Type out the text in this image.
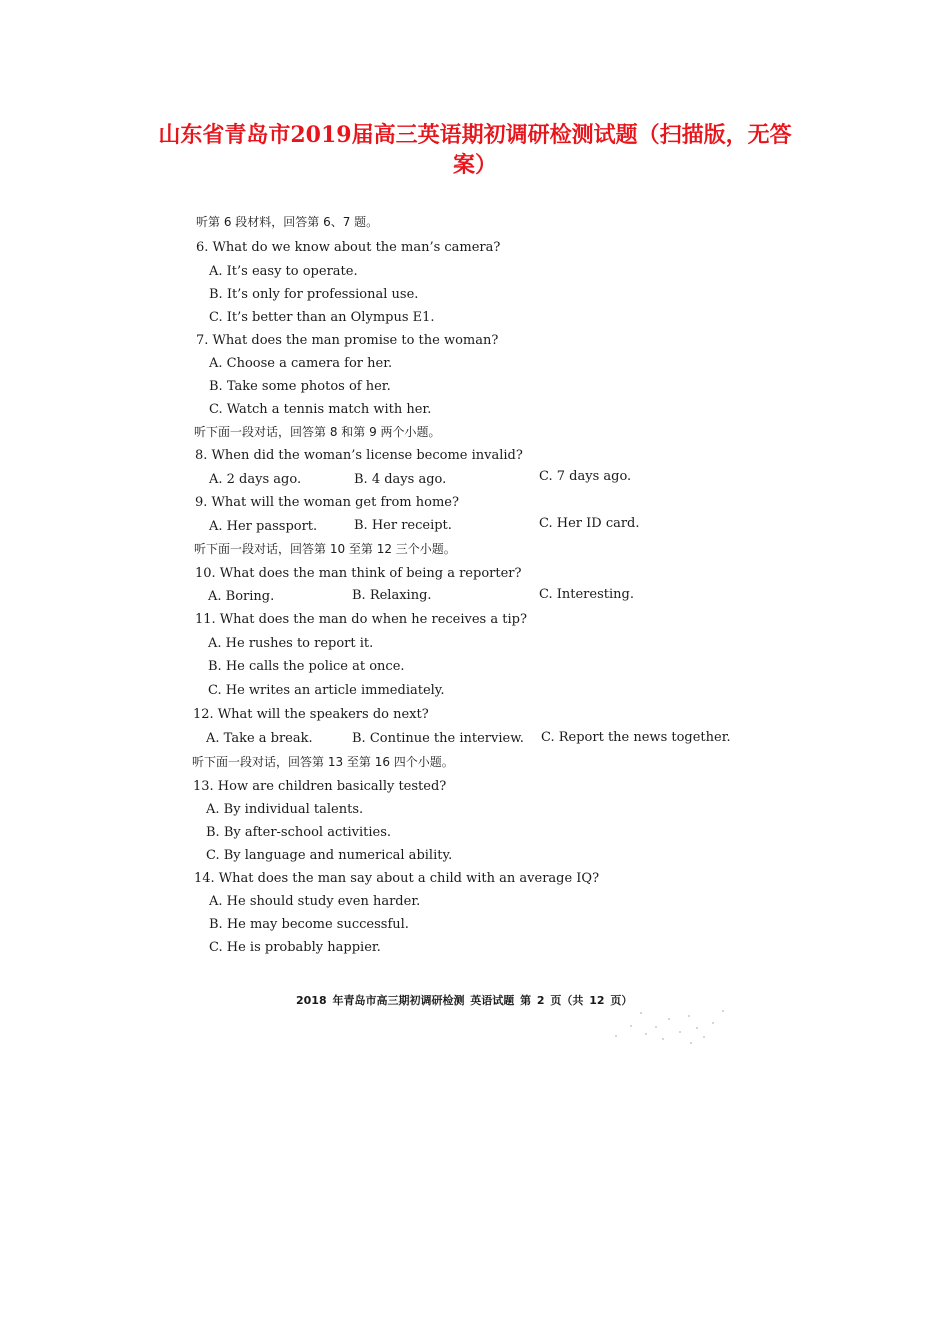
山东省青岛市2019届高三英语期初调研检测试题（扫描版，无答
案）
听第 6 段材料，回答第 6、7 题。
6. What do we know about the man’s camera?
A. It’s easy to operate.
B. It’s only for professional use.
C. It’s better than an Olympus E1.
7. What does the man promise to the woman?
A. Choose a camera for her.
B. Take some photos of her.
C. Watch a tennis match with her.
听下面一段对话，回答第 8 和第 9 两个小题。
8. When did the woman’s license become invalid?
A. 2 days ago.	B. 4 days ago.	C. 7 days ago.
9. What will the woman get from home?
A. Her passport.	B. Her receipt.	C. Her ID card.
听下面一段对话，回答第 10 至第 12 三个小题。
10. What does the man think of being a reporter?
A. Boring.	B. Relaxing.	C. Interesting.
11. What does the man do when he receives a tip?
A. He rushes to report it.
B. He calls the police at once.
C. He writes an article immediately.
12. What will the speakers do next?
A. Take a break.	B. Continue the interview. C. Report the news together.
听下面一段对话，回答第 13 至第 16 四个小题。
13. How are children basically tested?
A. By individual talents.
B. By after-school activities.
C. By language and numerical ability.
14. What does the man say about a child with an average IQ?
A. He should study even harder.
B. He may become successful.
C. He is probably happier.
2018 年青岛市高三期初调研检测 英语试题 第 2 页（共 12 页）
